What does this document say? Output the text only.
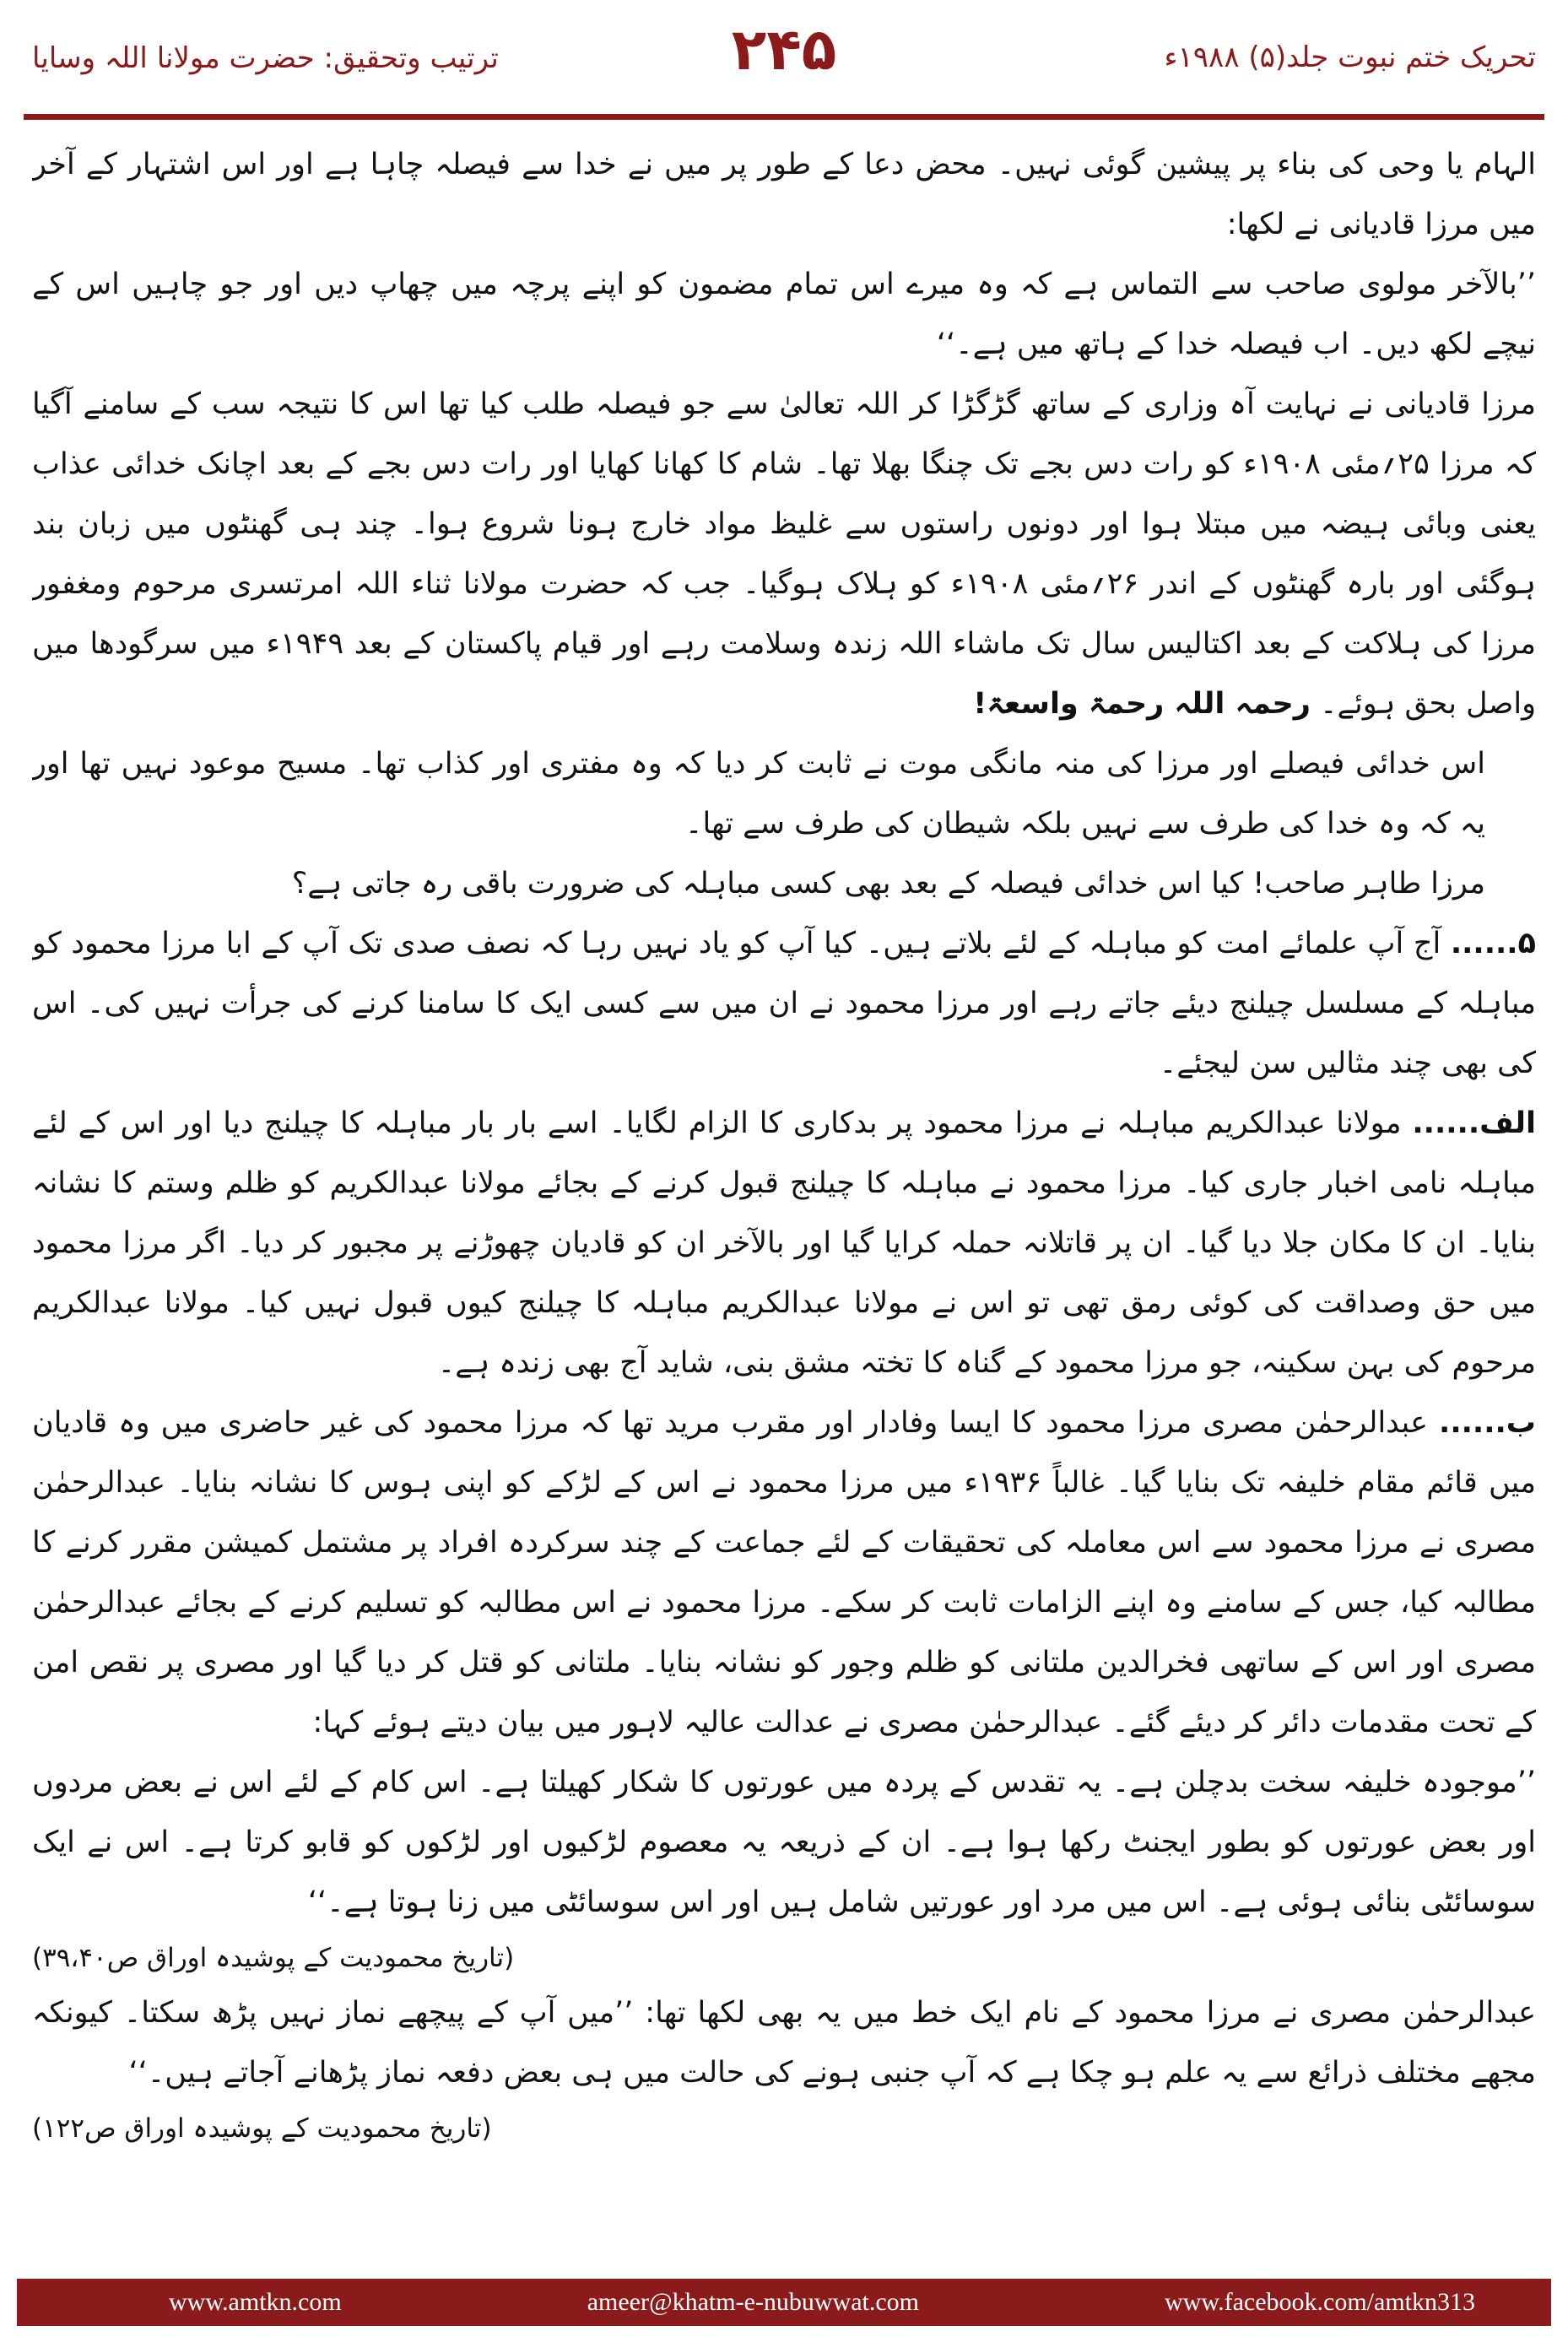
تحریک ختم نبوت جلد(۵) ۱۹۸۸ء
۲۴۵
ترتیب وتحقیق: حضرت مولانا اللہ وسایا

الہام یا وحی کی بناء پر پیشین گوئی نہیں۔ محض دعا کے طور پر میں نے خدا سے فیصلہ چاہا ہے اور اس اشتہار کے آخر میں مرزا قادیانی نے لکھا:

’’بالآخر مولوی صاحب سے التماس ہے کہ وہ میرے اس تمام مضمون کو اپنے پرچہ میں چھاپ دیں اور جو چاہیں اس کے نیچے لکھ دیں۔ اب فیصلہ خدا کے ہاتھ میں ہے۔‘‘

مرزا قادیانی نے نہایت آہ وزاری کے ساتھ گڑگڑا کر اللہ تعالیٰ سے جو فیصلہ طلب کیا تھا اس کا نتیجہ سب کے سامنے آگیا کہ مرزا ۲۵؍مئی ۱۹۰۸ء کو رات دس بجے تک چنگا بھلا تھا۔ شام کا کھانا کھایا اور رات دس بجے کے بعد اچانک خدائی عذاب یعنی وبائی ہیضہ میں مبتلا ہوا اور دونوں راستوں سے غلیظ مواد خارج ہونا شروع ہوا۔ چند ہی گھنٹوں میں زبان بند ہوگئی اور بارہ گھنٹوں کے اندر ۲۶؍مئی ۱۹۰۸ء کو ہلاک ہوگیا۔ جب کہ حضرت مولانا ثناء اللہ امرتسری مرحوم ومغفور مرزا کی ہلاکت کے بعد اکتالیس سال تک ماشاء اللہ زندہ وسلامت رہے اور قیام پاکستان کے بعد ۱۹۴۹ء میں سرگودھا میں واصل بحق ہوئے۔ رحمہ اللہ رحمۃ واسعۃ!

اس خدائی فیصلے اور مرزا کی منہ مانگی موت نے ثابت کر دیا کہ وہ مفتری اور کذاب تھا۔ مسیح موعود نہیں تھا اور یہ کہ وہ خدا کی طرف سے نہیں بلکہ شیطان کی طرف سے تھا۔

مرزا طاہر صاحب! کیا اس خدائی فیصلہ کے بعد بھی کسی مباہلہ کی ضرورت باقی رہ جاتی ہے؟

۵...... آج آپ علمائے امت کو مباہلہ کے لئے بلاتے ہیں۔ کیا آپ کو یاد نہیں رہا کہ نصف صدی تک آپ کے ابا مرزا محمود کو مباہلہ کے مسلسل چیلنج دیئے جاتے رہے اور مرزا محمود نے ان میں سے کسی ایک کا سامنا کرنے کی جرأت نہیں کی۔ اس کی بھی چند مثالیں سن لیجئے۔

الف...... مولانا عبدالکریم مباہلہ نے مرزا محمود پر بدکاری کا الزام لگایا۔ اسے بار بار مباہلہ کا چیلنج دیا اور اس کے لئے مباہلہ نامی اخبار جاری کیا۔ مرزا محمود نے مباہلہ کا چیلنج قبول کرنے کے بجائے مولانا عبدالکریم کو ظلم وستم کا نشانہ بنایا۔ ان کا مکان جلا دیا گیا۔ ان پر قاتلانہ حملہ کرایا گیا اور بالآخر ان کو قادیان چھوڑنے پر مجبور کر دیا۔ اگر مرزا محمود میں حق وصداقت کی کوئی رمق تھی تو اس نے مولانا عبدالکریم مباہلہ کا چیلنج کیوں قبول نہیں کیا۔ مولانا عبدالکریم مرحوم کی بہن سکینہ، جو مرزا محمود کے گناہ کا تختہ مشق بنی، شاید آج بھی زندہ ہے۔

ب...... عبدالرحمٰن مصری مرزا محمود کا ایسا وفادار اور مقرب مرید تھا کہ مرزا محمود کی غیر حاضری میں وہ قادیان میں قائم مقام خلیفہ تک بنایا گیا۔ غالباً ۱۹۳۶ء میں مرزا محمود نے اس کے لڑکے کو اپنی ہوس کا نشانہ بنایا۔ عبدالرحمٰن مصری نے مرزا محمود سے اس معاملہ کی تحقیقات کے لئے جماعت کے چند سرکردہ افراد پر مشتمل کمیشن مقرر کرنے کا مطالبہ کیا، جس کے سامنے وہ اپنے الزامات ثابت کر سکے۔ مرزا محمود نے اس مطالبہ کو تسلیم کرنے کے بجائے عبدالرحمٰن مصری اور اس کے ساتھی فخرالدین ملتانی کو ظلم وجور کو نشانہ بنایا۔ ملتانی کو قتل کر دیا گیا اور مصری پر نقص امن کے تحت مقدمات دائر کر دیئے گئے۔ عبدالرحمٰن مصری نے عدالت عالیہ لاہور میں بیان دیتے ہوئے کہا:

’’موجودہ خلیفہ سخت بدچلن ہے۔ یہ تقدس کے پردہ میں عورتوں کا شکار کھیلتا ہے۔ اس کام کے لئے اس نے بعض مردوں اور بعض عورتوں کو بطور ایجنٹ رکھا ہوا ہے۔ ان کے ذریعہ یہ معصوم لڑکیوں اور لڑکوں کو قابو کرتا ہے۔ اس نے ایک سوسائٹی بنائی ہوئی ہے۔ اس میں مرد اور عورتیں شامل ہیں اور اس سوسائٹی میں زنا ہوتا ہے۔‘‘

(تاریخ محمودیت کے پوشیدہ اوراق ص۳۹،۴۰)

عبدالرحمٰن مصری نے مرزا محمود کے نام ایک خط میں یہ بھی لکھا تھا: ’’میں آپ کے پیچھے نماز نہیں پڑھ سکتا۔ کیونکہ مجھے مختلف ذرائع سے یہ علم ہو چکا ہے کہ آپ جنبی ہونے کی حالت میں ہی بعض دفعہ نماز پڑھانے آجاتے ہیں۔‘‘

(تاریخ محمودیت کے پوشیدہ اوراق ص۱۲۲)
www.amtkn.com	ameer@khatm-e-nubuwwat.com	www.facebook.com/amtkn313
